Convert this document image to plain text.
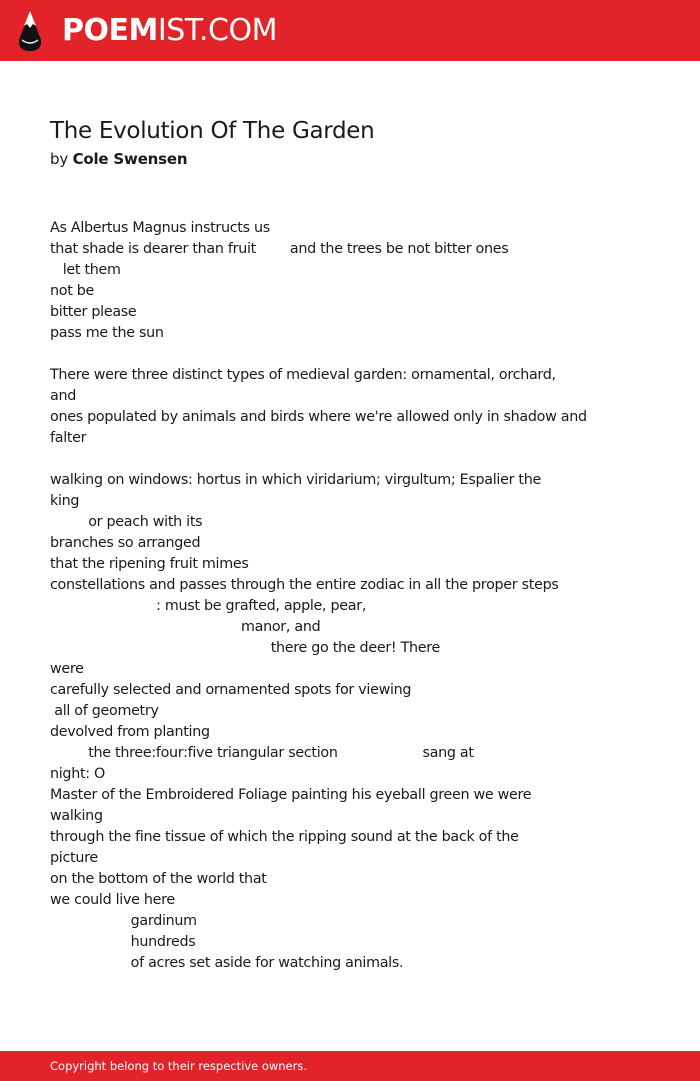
POEMIST.COM
The Evolution Of The Garden
by Cole Swensen
As Albertus Magnus instructs us
that shade is dearer than fruit        and the trees be not bitter ones
let them
not be
bitter please
pass me the sun
There were three distinct types of medieval garden: ornamental, orchard,
and
ones populated by animals and birds where we're allowed only in shadow and
falter
walking on windows: hortus in which viridarium; virgultum; Espalier the
king
or peach with its
branches so arranged
that the ripening fruit mimes
constellations and passes through the entire zodiac in all the proper steps
: must be grafted, apple, pear,
manor, and
there go the deer! There
were
carefully selected and ornamented spots for viewing
all of geometry
devolved from planting
the three:four:five triangular section                    sang at
night: O
Master of the Embroidered Foliage painting his eyeball green we were
walking
through the fine tissue of which the ripping sound at the back of the
picture
on the bottom of the world that
we could live here
gardinum
hundreds
of acres set aside for watching animals.
Copyright belong to their respective owners.
